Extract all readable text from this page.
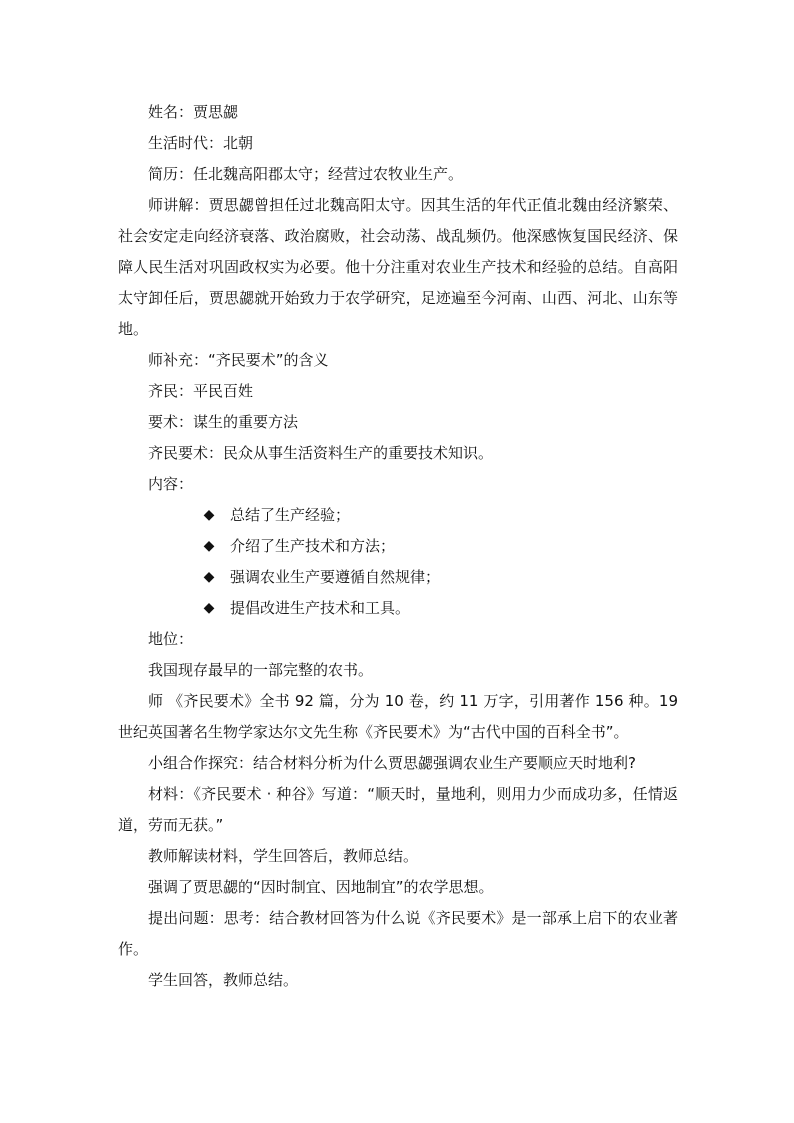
姓名：贾思勰

生活时代：北朝

简历：任北魏高阳郡太守；经营过农牧业生产。

师讲解：贾思勰曾担任过北魏高阳太守。因其生活的年代正值北魏由经济繁荣、社会安定走向经济衰落、政治腐败，社会动荡、战乱频仍。他深感恢复国民经济、保障人民生活对巩固政权实为必要。他十分注重对农业生产技术和经验的总结。自高阳太守卸任后，贾思勰就开始致力于农学研究，足迹遍至今河南、山西、河北、山东等地。

师补充：“齐民要术”的含义

齐民：平民百姓

要术：谋生的重要方法

齐民要术：民众从事生活资料生产的重要技术知识。

内容：

◆ 总结了生产经验；
◆ 介绍了生产技术和方法；
◆ 强调农业生产要遵循自然规律；
◆ 提倡改进生产技术和工具。

地位：

我国现存最早的一部完整的农书。

师 《齐民要术》全书 92 篇，分为 10 卷，约 11 万字，引用著作 156 种。19 世纪英国著名生物学家达尔文先生称《齐民要术》为“古代中国的百科全书”。

小组合作探究：结合材料分析为什么贾思勰强调农业生产要顺应天时地利?

材料：《齐民要术 · 种谷》写道：“顺天时，量地利，则用力少而成功多，任情返道，劳而无获。”

教师解读材料，学生回答后，教师总结。

强调了贾思勰的“因时制宜、因地制宜”的农学思想。

提出问题：思考：结合教材回答为什么说《齐民要术》是一部承上启下的农业著作。

学生回答，教师总结。
